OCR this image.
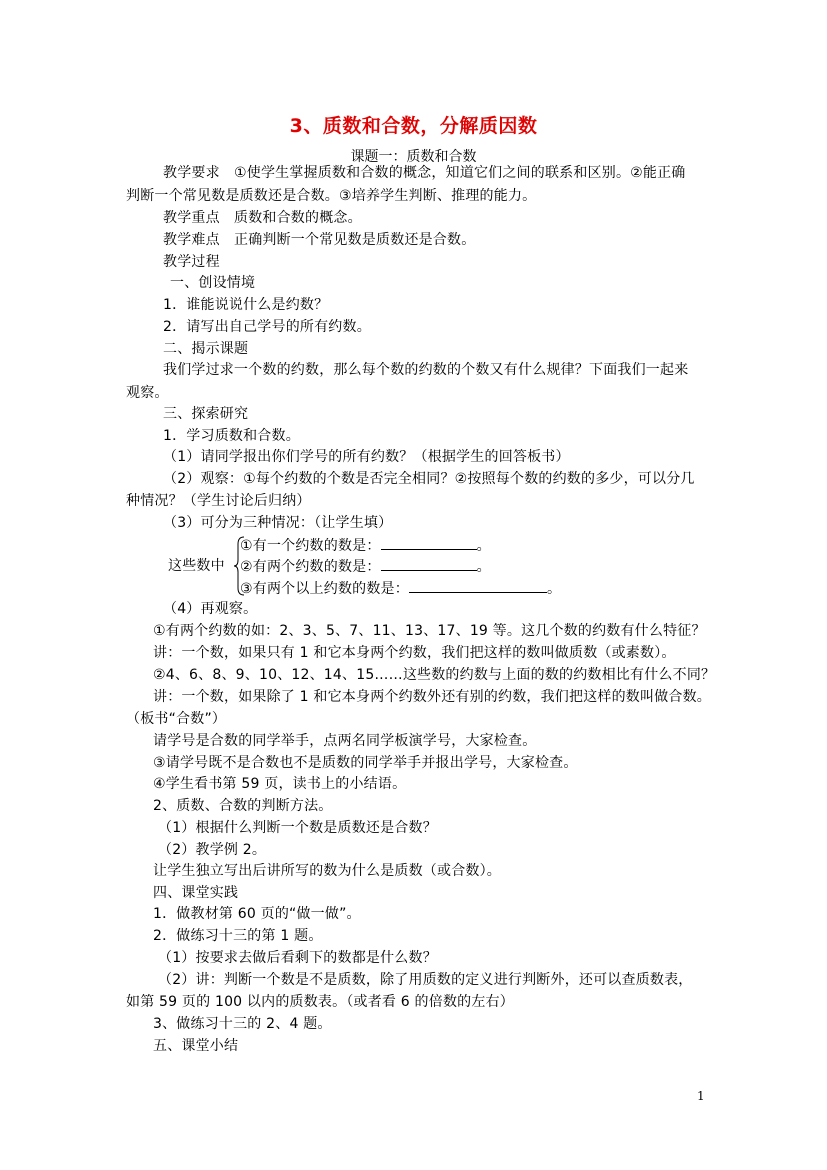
3、质数和合数，分解质因数
课题一：质数和合数
教学要求　①使学生掌握质数和合数的概念，知道它们之间的联系和区别。②能正确
判断一个常见数是质数还是合数。③培养学生判断、推理的能力。
教学重点　质数和合数的概念。
教学难点　正确判断一个常见数是质数还是合数。
教学过程
一、创设情境
1．谁能说说什么是约数？
2．请写出自己学号的所有约数。
二、揭示课题
我们学过求一个数的约数，那么每个数的约数的个数又有什么规律？下面我们一起来
观察。
三、探索研究
1．学习质数和合数。
（1）请同学报出你们学号的所有约数？（根据学生的回答板书）
（2）观察：①每个约数的个数是否完全相同？②按照每个数的约数的多少，可以分几
种情况？（学生讨论后归纳）
（3）可分为三种情况：（让学生填）
这些数中
①有一个约数的数是：	。
②有两个约数的数是：	。
③有两个以上约数的数是：	。
（4）再观察。
①有两个约数的如：2、3、5、7、11、13、17、19 等。这几个数的约数有什么特征？
讲：一个数，如果只有 1 和它本身两个约数，我们把这样的数叫做质数（或素数）。
②4、6、8、9、10、12、14、15……这些数的约数与上面的数的约数相比有什么不同？
讲：一个数，如果除了 1 和它本身两个约数外还有别的约数，我们把这样的数叫做合数。
（板书“合数”）
请学号是合数的同学举手，点两名同学板演学号，大家检查。
③请学号既不是合数也不是质数的同学举手并报出学号，大家检查。
④学生看书第 59 页，读书上的小结语。
2、质数、合数的判断方法。
（1）根据什么判断一个数是质数还是合数？
（2）教学例 2。
让学生独立写出后讲所写的数为什么是质数（或合数）。
四、课堂实践
1．做教材第 60 页的“做一做”。
2．做练习十三的第 1 题。
（1）按要求去做后看剩下的数都是什么数？
（2）讲：判断一个数是不是质数，除了用质数的定义进行判断外，还可以查质数表，
如第 59 页的 100 以内的质数表。（或者看 6 的倍数的左右）
3、做练习十三的 2、4 题。
五、课堂小结
1
